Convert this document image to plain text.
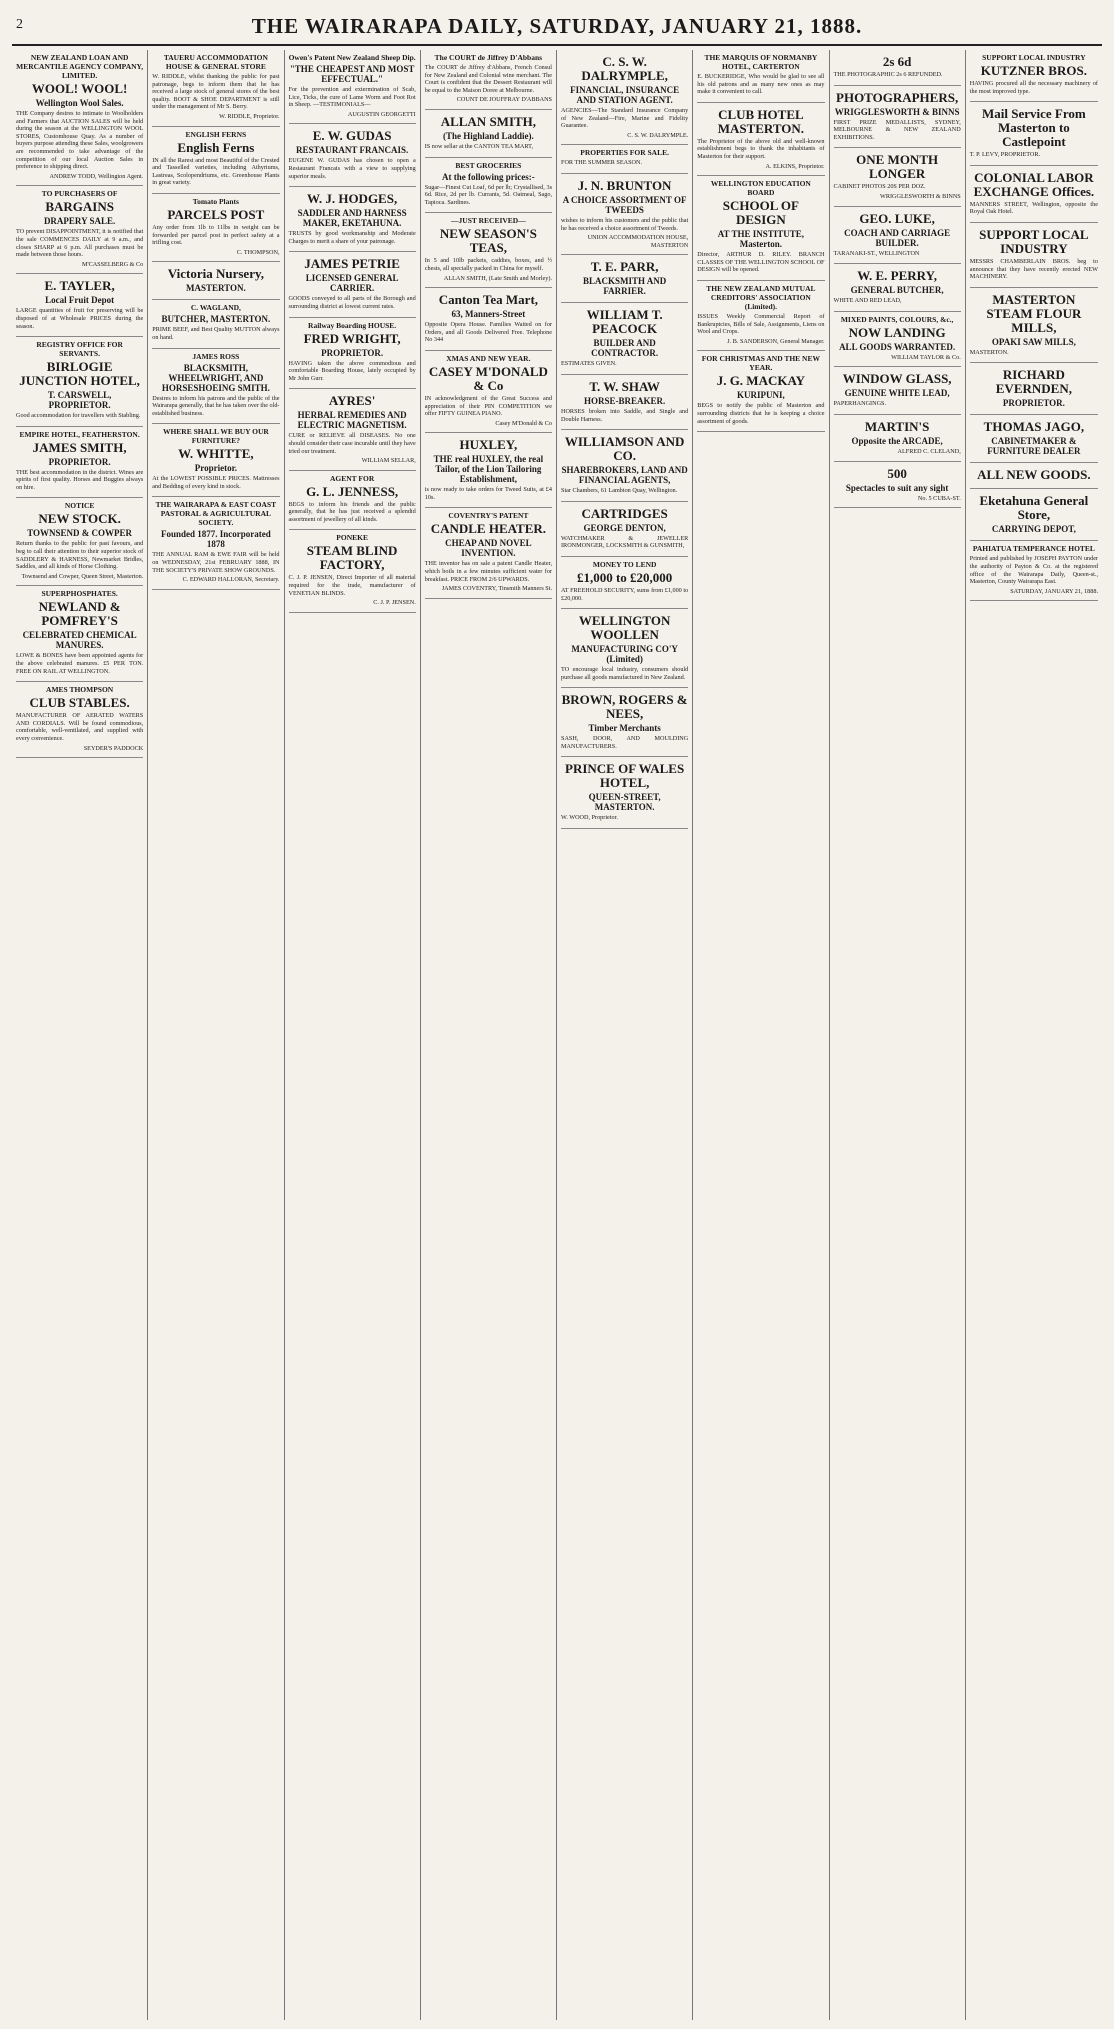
2	THE WAIRARAPA DAILY, SATURDAY, JANUARY 21, 1888.
NEW ZEALAND LOAN AND MERCANTILE AGENCY COMPANY, LIMITED.
WOOL! WOOL!
Wellington Wool Sales.
THE Company desires to intimate to Woolholders and Farmers that AUCTION SALES will be held during the season at the WELLINGTON WOOL STORES, Customhouse Quay. As a number of buyers purpose attending these Sales, woolgrowers are recommended to take advantage of the competition of our local Auction Sales in preference to shipping direct.
ANDREW TODD, Wellington Agent.
TO PURCHASERS OF
BARGAINS
DRAPERY SALE.
TO prevent DISAPPOINTMENT, it is notified that the sale COMMENCES DAILY at 9 a.m., and closes SHARP at 6 p.m. All purchases must be made between those hours.
M'CASSELBERG & Co
E. TAYLER,
Local Fruit Depot
LARGE quantities of fruit for preserving will be disposed of at Wholesale PRICES during the season.
REGISTRY OFFICE FOR SERVANTS.
BIRLOGIE JUNCTION HOTEL,
T. CARSWELL, PROPRIETOR.
Good accommodation for travellers with Stabling.
EMPIRE HOTEL, FEATHERSTON.
JAMES SMITH,
PROPRIETOR.
THE best accommodation in the district. Wines are spirits of first quality. Horses and Buggies always on hire.
NOTICE
NEW STOCK.
TOWNSEND & COWPER
Return thanks to the public for past favours, and beg to call their attention to their superior stock of SADDLERY & HARNESS, Newmarket Bridles, Saddles, and all kinds of Horse Clothing.
Townsend and Cowper, Queen Street, Masterton.
SUPERPHOSPHATES.
NEWLAND & POMFREY'S
CELEBRATED CHEMICAL MANURES.
LOWE & BONES have been appointed agents for the above celebrated manures. £5 PER TON. FREE ON RAIL AT WELLINGTON.
AMES THOMPSON
CLUB STABLES.
MANUFACTURER OF AERATED WATERS AND CORDIALS. Will be found commodious, comfortable, well-ventilated, and supplied with every convenience.
SEYDER'S PADDOCK
TAUERU ACCOMMODATION HOUSE & GENERAL STORE
W. RIDDLE, whilst thanking the public for past patronage, begs to inform them that he has received a large stock of general stores of the best quality. BOOT & SHOE DEPARTMENT is still under the management of Mr S. Berry.
W. RIDDLE, Proprietor.
ENGLISH FERNS
English Ferns
IN all the Rarest and most Beautiful of the Crested and Tasselled varieties, including Athyriums, Lastreas, Scolopendriums, etc. Greenhouse Plants in great variety.
Tomato Plants
PARCELS POST
Any order from 1lb to 11lbs in weight can be forwarded per parcel post in perfect safety at a trifling cost.
C. THOMPSON,
Victoria Nursery,
MASTERTON.
C. WAGLAND,
BUTCHER, MASTERTON.
PRIME BEEF, and Best Quality MUTTON always on hand.
JAMES ROSS
BLACKSMITH, WHEELWRIGHT, AND HORSESHOEING SMITH.
Desires to inform his patrons and the public of the Wairarapa generally, that he has taken over the old-established business.
WHERE SHALL WE BUY OUR FURNITURE?
W. WHITTE,
Proprietor.
At the LOWEST POSSIBLE PRICES. Mattresses and Bedding of every kind in stock.
THE WAIRARAPA & EAST COAST PASTORAL & AGRICULTURAL SOCIETY.
Founded 1877. Incorporated 1878
THE ANNUAL RAM & EWE FAIR will be held on WEDNESDAY, 21st FEBRUARY 1888, IN THE SOCIETY'S PRIVATE SHOW GROUNDS.
C. EDWARD HALLORAN, Secretary.
Owen's Patent New Zealand Sheep Dip.
"THE CHEAPEST AND MOST EFFECTUAL."
For the prevention and extermination of Scab, Lice, Ticks, the cure of Lame Worm and Foot Rot in Sheep. —TESTIMONIALS—
AUGUSTIN GEORGETTI
E. W. GUDAS
RESTAURANT FRANCAIS.
EUGENE W. GUDAS has chosen to open a Restaurant Francais with a view to supplying superior meals.
W. J. HODGES,
SADDLER AND HARNESS MAKER, EKETAHUNA.
TRUSTS by good workmanship and Moderate Charges to merit a share of your patronage.
JAMES PETRIE
LICENSED GENERAL CARRIER.
GOODS conveyed to all parts of the Borough and surrounding district at lowest current rates.
Railway Boarding HOUSE.
FRED WRIGHT,
PROPRIETOR.
HAVING taken the above commodious and comfortable Boarding House, lately occupied by Mr John Gurr.
AYRES'
HERBAL REMEDIES AND ELECTRIC MAGNETISM.
CURE or RELIEVE all DISEASES. No one should consider their case incurable until they have tried our treatment.
WILLIAM SELLAR,
AGENT FOR
G. L. JENNESS,
BEGS to inform his friends and the public generally, that he has just received a splendid assortment of jewellery of all kinds.
PONEKE
STEAM BLIND FACTORY,
C. J. P. JENSEN, Direct Importer of all material required for the trade, manufacturer of VENETIAN BLINDS.
C. J. P. JENSEN.
The COURT de Jiffrey D'Abbans
The COURT de Jiffrey d'Abbans, French Consul for New Zealand and Colonial wine merchant. The Court is confident that the Dessert Restaurant will be equal to the Maison Doree at Melbourne.
COUNT DE JOUFFRAY D'ABBANS
ALLAN SMITH,
(The Highland Laddie).
IS now sellar at the CANTON TEA MART,
BEST GROCERIES
At the following prices:-
Sugar—Finest Cut Loaf, 6d per lb; Crystallised, 3s 6d. Rice, 2d per lb. Currants, 5d. Oatmeal, Sago, Tapioca. Sardines.
—JUST RECEIVED—
NEW SEASON'S TEAS,
In 5 and 10lb packets, caddies, boxes, and ½ chests, all specially packed in China for myself.
ALLAN SMITH, (Late Smith and Morley).
Canton Tea Mart,
63, Manners-Street
Opposite Opera House. Families Waited on for Orders, and all Goods Delivered Free. Telephone No 344
XMAS AND NEW YEAR.
CASEY M'DONALD & Co
IN acknowledgment of the Great Success and appreciation of their PIN COMPETITION we offer FIFTY GUINEA PIANO.
Casey M'Donald & Co
HUXLEY,
THE real HUXLEY, the real Tailor, of the Lion Tailoring Establishment,
is now ready to take orders for Tweed Suits, at £4 10s.
COVENTRY'S PATENT
CANDLE HEATER.
CHEAP AND NOVEL INVENTION.
THE inventor has on sale a patent Candle Heater, which boils in a few minutes sufficient water for breakfast. PRICE FROM 2/6 UPWARDS.
JAMES COVENTRY, Tinsmith Manners St.
C. S. W. DALRYMPLE,
FINANCIAL, INSURANCE AND STATION AGENT.
AGENCIES—The Standard Insurance Company of New Zealand—Fire, Marine and Fidelity Guarantee.
C. S. W. DALRYMPLE.
PROPERTIES FOR SALE.
FOR THE SUMMER SEASON.
J. N. BRUNTON
A CHOICE ASSORTMENT OF TWEEDS
wishes to inform his customers and the public that he has received a choice assortment of Tweeds.
UNION ACCOMMODATION HOUSE, MASTERTON
T. E. PARR,
BLACKSMITH AND FARRIER.
WILLIAM T. PEACOCK
BUILDER AND CONTRACTOR.
ESTIMATES GIVEN.
T. W. SHAW
HORSE-BREAKER.
HORSES broken into Saddle, and Single and Double Harness.
WILLIAMSON AND CO.
SHAREBROKERS, LAND AND FINANCIAL AGENTS,
Star Chambers, 61 Lambton Quay, Wellington.
CARTRIDGES
GEORGE DENTON,
WATCHMAKER & JEWELLER IRONMONGER, LOCKSMITH & GUNSMITH,
MONEY TO LEND
£1,000 to £20,000
AT FREEHOLD SECURITY, sums from £1,000 to £20,000.
WELLINGTON WOOLLEN
MANUFACTURING CO'Y (Limited)
TO encourage local industry, consumers should purchase all goods manufactured in New Zealand.
BROWN, ROGERS & NEES,
Timber Merchants
SASH, DOOR, AND MOULDING MANUFACTURERS.
PRINCE OF WALES HOTEL,
QUEEN-STREET, MASTERTON.
W. WOOD, Proprietor.
THE MARQUIS OF NORMANBY HOTEL, CARTERTON
E. BUCKERIDGE, Who would be glad to see all his old patrons and as many new ones as may make it convenient to call.
CLUB HOTEL MASTERTON.
The Proprietor of the above old and well-known establishment begs to thank the inhabitants of Masterton for their support.
A. ELKINS, Proprietor.
WELLINGTON EDUCATION BOARD
SCHOOL OF DESIGN
AT THE INSTITUTE, Masterton.
Director, ARTHUR D. RILEY. BRANCH CLASSES OF THE WELLINGTON SCHOOL OF DESIGN will be opened.
THE NEW ZEALAND MUTUAL CREDITORS' ASSOCIATION (Limited).
ISSUES Weekly Commercial Report of Bankruptcies, Bills of Sale, Assignments, Liens on Wool and Crops.
J. B. SANDERSON, General Manager.
FOR CHRISTMAS AND THE NEW YEAR.
J. G. MACKAY
KURIPUNI,
BEGS to notify the public of Masterton and surrounding districts that he is keeping a choice assortment of goods.
2s 6d
THE PHOTOGRAPHIC 2s 6 REFUNDED.
PHOTOGRAPHERS,
WRIGGLESWORTH & BINNS
FIRST PRIZE MEDALLISTS, SYDNEY, MELBOURNE & NEW ZEALAND EXHIBITIONS.
ONE MONTH LONGER
CABINET PHOTOS 20S PER DOZ.
WRIGGLESWORTH & BINNS
GEO. LUKE,
COACH AND CARRIAGE BUILDER.
TARANAKI-ST., WELLINGTON
W. E. PERRY,
GENERAL BUTCHER,
WHITE AND RED LEAD,
MIXED PAINTS, COLOURS, &c.,
NOW LANDING
ALL GOODS WARRANTED.
WILLIAM TAYLOR & Co.
WINDOW GLASS,
GENUINE WHITE LEAD,
PAPERHANGINGS.
MARTIN'S
Opposite the ARCADE,
ALFRED C. CLELAND,
500
Spectacles to suit any sight
No. 5 CUBA-ST.
SUPPORT LOCAL INDUSTRY
KUTZNER BROS.
HAVING procured all the necessary machinery of the most improved type.
Mail Service From Masterton to Castlepoint
T. P. LEVY, PROPRIETOR.
COLONIAL LABOR EXCHANGE Offices.
MANNERS STREET, Wellington, opposite the Royal Oak Hotel.
SUPPORT LOCAL INDUSTRY
MESSRS CHAMBERLAIN BROS. beg to announce that they have recently erected NEW MACHINERY.
MASTERTON STEAM FLOUR MILLS,
OPAKI SAW MILLS,
MASTERTON.
RICHARD EVERNDEN,
PROPRIETOR.
THOMAS JAGO,
CABINETMAKER & FURNITURE DEALER
ALL NEW GOODS.
Eketahuna General Store,
CARRYING DEPOT,
PAHIATUA TEMPERANCE HOTEL
Printed and published by JOSEPH PAYTON under the authority of Payton & Co. at the registered office of the Wairarapa Daily, Queen-st., Masterton, County Wairarapa East.
SATURDAY, JANUARY 21, 1888.
